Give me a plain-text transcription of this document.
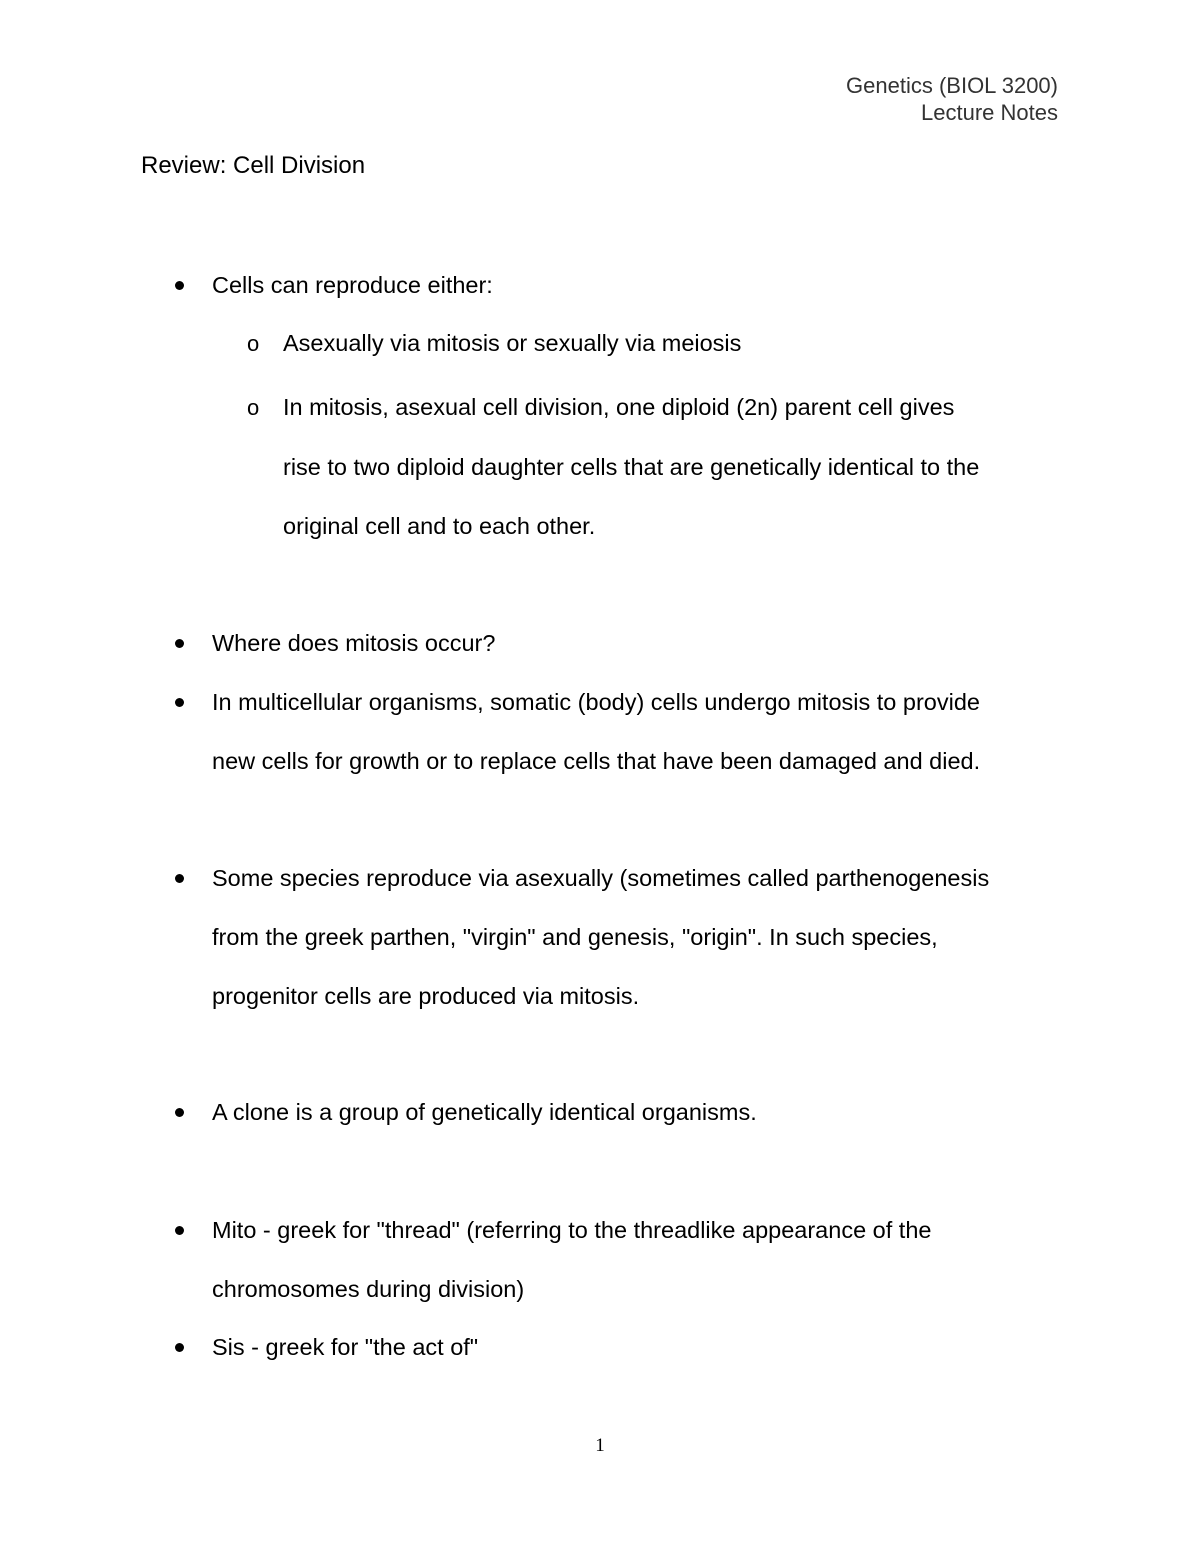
Genetics (BIOL 3200)
Lecture Notes
Review: Cell Division
Cells can reproduce either:
o Asexually via mitosis or sexually via meiosis
o In mitosis, asexual cell division, one diploid (2n) parent cell gives
rise to two diploid daughter cells that are genetically identical to the
original cell and to each other.
Where does mitosis occur?
In multicellular organisms, somatic (body) cells undergo mitosis to provide
new cells for growth or to replace cells that have been damaged and died.
Some species reproduce via asexually (sometimes called parthenogenesis
from the greek parthen, "virgin" and genesis, "origin". In such species,
progenitor cells are produced via mitosis.
A clone is a group of genetically identical organisms.
Mito - greek for "thread" (referring to the threadlike appearance of the
chromosomes during division)
Sis - greek for "the act of"
1
